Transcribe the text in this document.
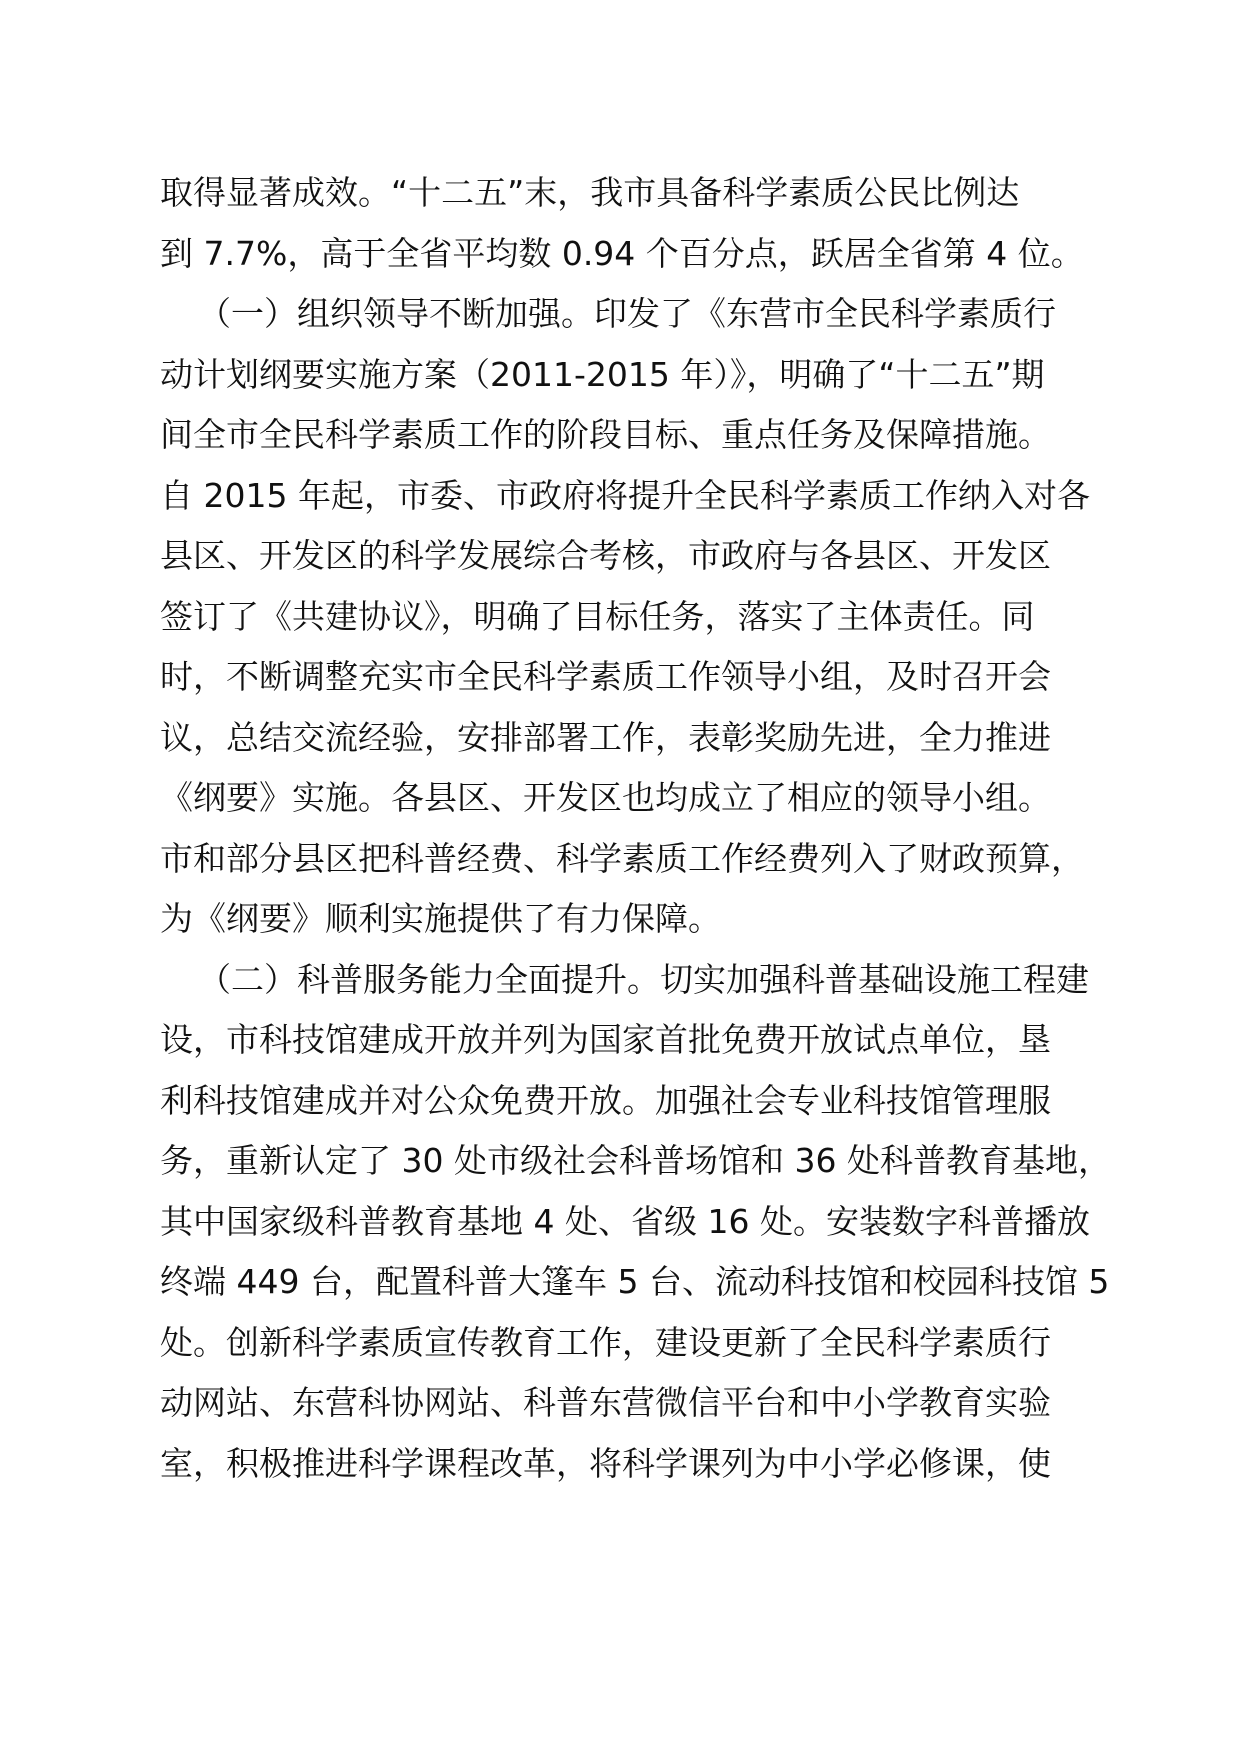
取得显著成效。“十二五”末，我市具备科学素质公民比例达
到 7.7%，高于全省平均数 0.94 个百分点，跃居全省第 4 位。
（一）组织领导不断加强。印发了《东营市全民科学素质行
动计划纲要实施方案（2011-2015 年）》，明确了“十二五”期
间全市全民科学素质工作的阶段目标、重点任务及保障措施。
自 2015 年起，市委、市政府将提升全民科学素质工作纳入对各
县区、开发区的科学发展综合考核，市政府与各县区、开发区
签订了《共建协议》，明确了目标任务，落实了主体责任。同
时，不断调整充实市全民科学素质工作领导小组，及时召开会
议，总结交流经验，安排部署工作，表彰奖励先进，全力推进
《纲要》实施。各县区、开发区也均成立了相应的领导小组。
市和部分县区把科普经费、科学素质工作经费列入了财政预算，
为《纲要》顺利实施提供了有力保障。
（二）科普服务能力全面提升。切实加强科普基础设施工程建
设，市科技馆建成开放并列为国家首批免费开放试点单位，垦
利科技馆建成并对公众免费开放。加强社会专业科技馆管理服
务，重新认定了 30 处市级社会科普场馆和 36 处科普教育基地，
其中国家级科普教育基地 4 处、省级 16 处。安装数字科普播放
终端 449 台，配置科普大篷车 5 台、流动科技馆和校园科技馆 5
处。创新科学素质宣传教育工作，建设更新了全民科学素质行
动网站、东营科协网站、科普东营微信平台和中小学教育实验
室，积极推进科学课程改革，将科学课列为中小学必修课，使
